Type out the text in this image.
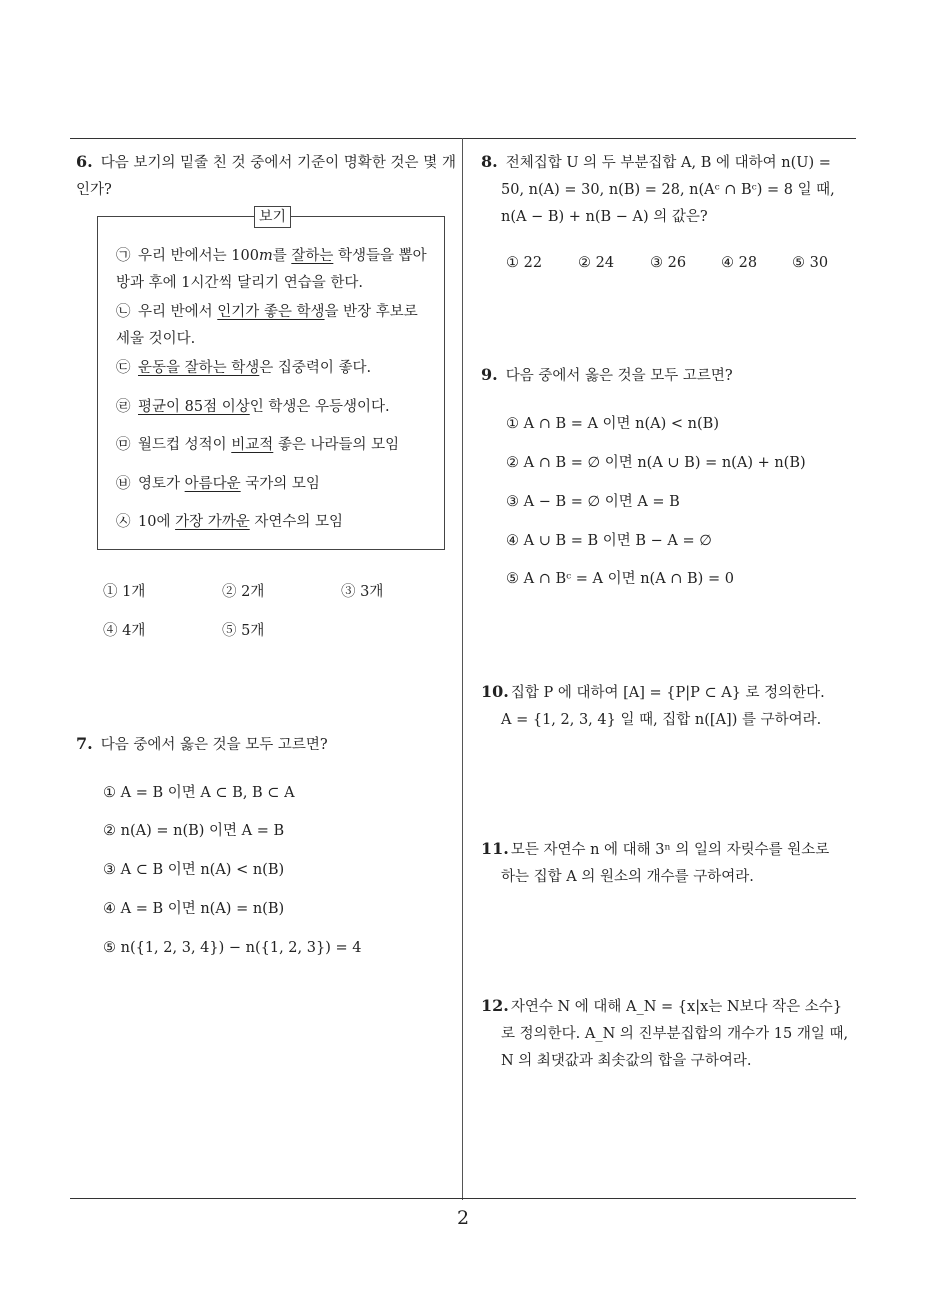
6. 다음 보기의 밑줄 친 것 중에서 기준이 명확한 것은 몇 개인가?
보기
㉠ 우리 반에서는 100m를 잘하는 학생들을 뽑아 방과 후에 1시간씩 달리기 연습을 한다.
㉡ 우리 반에서 인기가 좋은 학생을 반장 후보로 세울 것이다.
㉢ 운동을 잘하는 학생은 집중력이 좋다.
㉣ 평균이 85점 이상인 학생은 우등생이다.
㉤ 월드컵 성적이 비교적 좋은 나라들의 모임
㉥ 영토가 아름다운 국가의 모임
㉦ 10에 가장 가까운 자연수의 모임
① 1개	② 2개	③ 3개
④ 4개	⑤ 5개
7. 다음 중에서 옳은 것을 모두 고르면?
① A = B 이면 A ⊂ B, B ⊂ A
② n(A) = n(B) 이면 A = B
③ A ⊂ B 이면 n(A) < n(B)
④ A = B 이면 n(A) = n(B)
⑤ n({1, 2, 3, 4}) − n({1, 2, 3}) = 4
8. 전체집합 U 의 두 부분집합 A, B 에 대하여 n(U) =
50, n(A) = 30, n(B) = 28, n(Aᶜ ∩ Bᶜ) = 8 일 때,
n(A − B) + n(B − A) 의 값은?
① 22 ② 24 ③ 26 ④ 28 ⑤ 30
9. 다음 중에서 옳은 것을 모두 고르면?
① A ∩ B = A 이면 n(A) < n(B)
② A ∩ B = ∅ 이면 n(A ∪ B) = n(A) + n(B)
③ A − B = ∅ 이면 A = B
④ A ∪ B = B 이면 B − A = ∅
⑤ A ∩ Bᶜ = A 이면 n(A ∩ B) = 0
10. 집합 P 에 대하여 [A] = {P|P ⊂ A} 로 정의한다.
A = {1, 2, 3, 4} 일 때, 집합 n([A]) 를 구하여라.
11. 모든 자연수 n 에 대해 3ⁿ 의 일의 자릿수를 원소로
하는 집합 A 의 원소의 개수를 구하여라.
12. 자연수 N 에 대해 A_N = {x|x는 N보다 작은 소수}
로 정의한다. A_N 의 진부분집합의 개수가 15 개일 때,
N 의 최댓값과 최솟값의 합을 구하여라.
2
